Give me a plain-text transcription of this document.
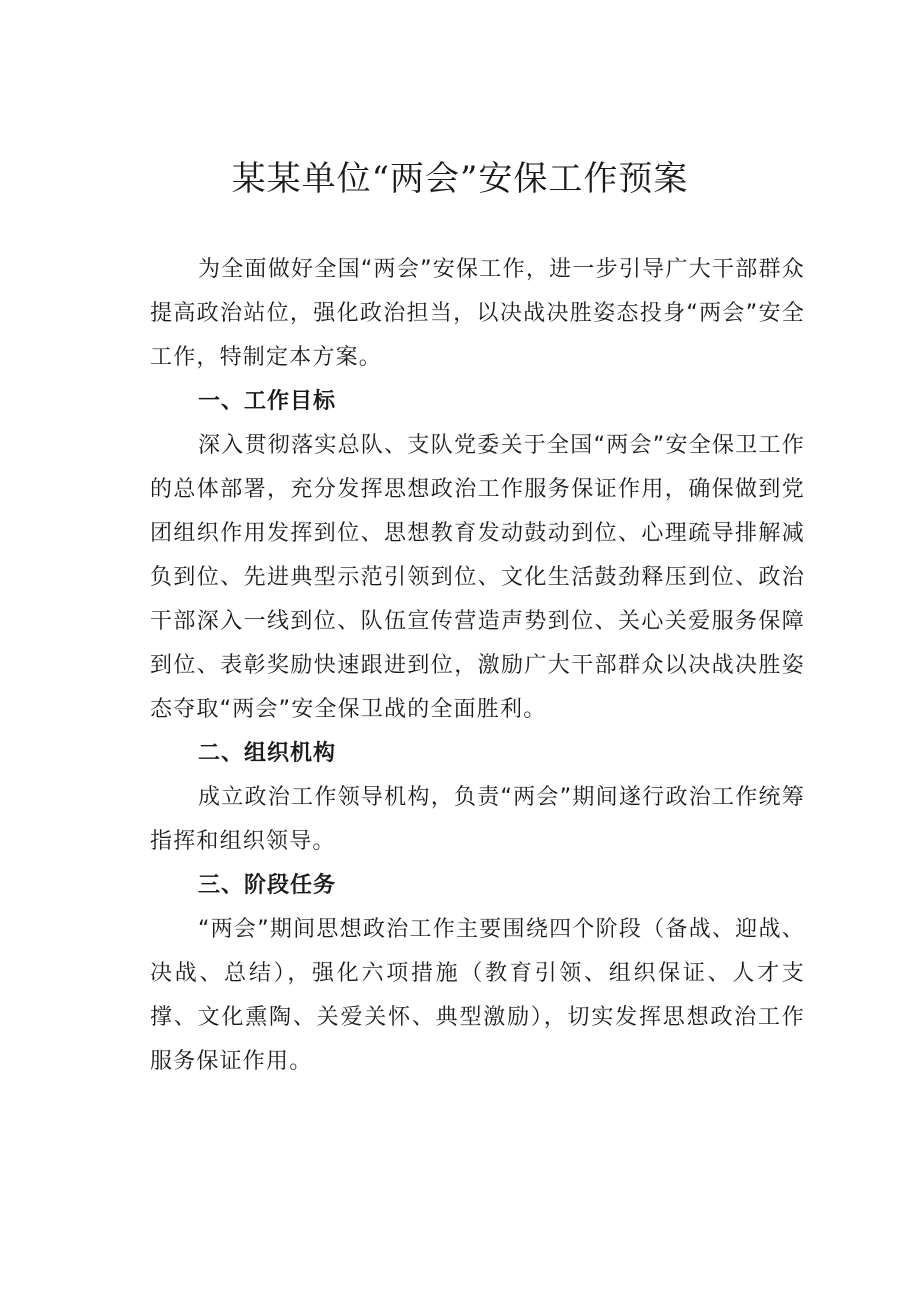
某某单位“两会”安保工作预案

为全面做好全国“两会”安保工作，进一步引导广大干部群众提高政治站位，强化政治担当，以决战决胜姿态投身“两会”安全工作，特制定本方案。

一、工作目标

深入贯彻落实总队、支队党委关于全国“两会”安全保卫工作的总体部署，充分发挥思想政治工作服务保证作用，确保做到党团组织作用发挥到位、思想教育发动鼓动到位、心理疏导排解减负到位、先进典型示范引领到位、文化生活鼓劲释压到位、政治干部深入一线到位、队伍宣传营造声势到位、关心关爱服务保障到位、表彰奖励快速跟进到位，激励广大干部群众以决战决胜姿态夺取“两会”安全保卫战的全面胜利。

二、组织机构

成立政治工作领导机构，负责“两会”期间遂行政治工作统筹指挥和组织领导。

三、阶段任务

“两会”期间思想政治工作主要围绕四个阶段（备战、迎战、决战、总结），强化六项措施（教育引领、组织保证、人才支撑、文化熏陶、关爱关怀、典型激励），切实发挥思想政治工作服务保证作用。
